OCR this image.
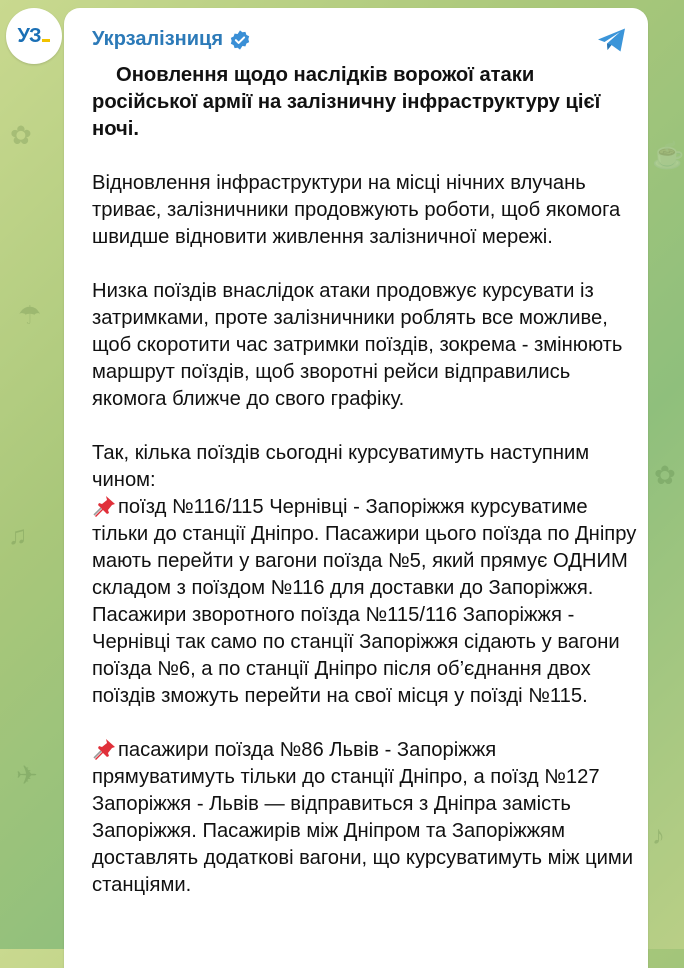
✿
☂
♫
✈
☕
✿
♪
УЗ	Укрзалізниця

Оновлення щодо наслідків ворожої атаки російської армії на залізничну інфраструктуру цієї ночі.

Відновлення інфраструктури на місці нічних влучань триває, залізничники продовжують роботи, щоб якомога швидше відновити живлення залізничної мережі.

Низка поїздів внаслідок атаки продовжує курсувати із затримками, проте залізничники роблять все можливе, щоб скоротити час затримки поїздів, зокрема - змінюють маршрут поїздів, щоб зворотні рейси відправились якомога ближче до свого графіку.

Так, кілька поїздів сьогодні курсуватимуть наступним чином:

поїзд №116/115 Чернівці - Запоріжжя курсуватиме тільки до станції Дніпро. Пасажири цього поїзда по Дніпру мають перейти у вагони поїзда №5, який прямує ОДНИМ складом з поїздом №116 для доставки до Запоріжжя.

Пасажири зворотного поїзда №115/116 Запоріжжя - Чернівці так само по станції Запоріжжя сідають у вагони поїзда №6, а по станції Дніпро після об’єднання двох поїздів зможуть перейти на свої місця у поїзді №115.

пасажири поїзда №86 Львів - Запоріжжя прямуватимуть тільки до станції Дніпро, а поїзд №127 Запоріжжя - Львів — відправиться з Дніпра замість Запоріжжя. Пасажирів між Дніпром та Запоріжжям доставлять додаткові вагони, що курсуватимуть між цими станціями.
